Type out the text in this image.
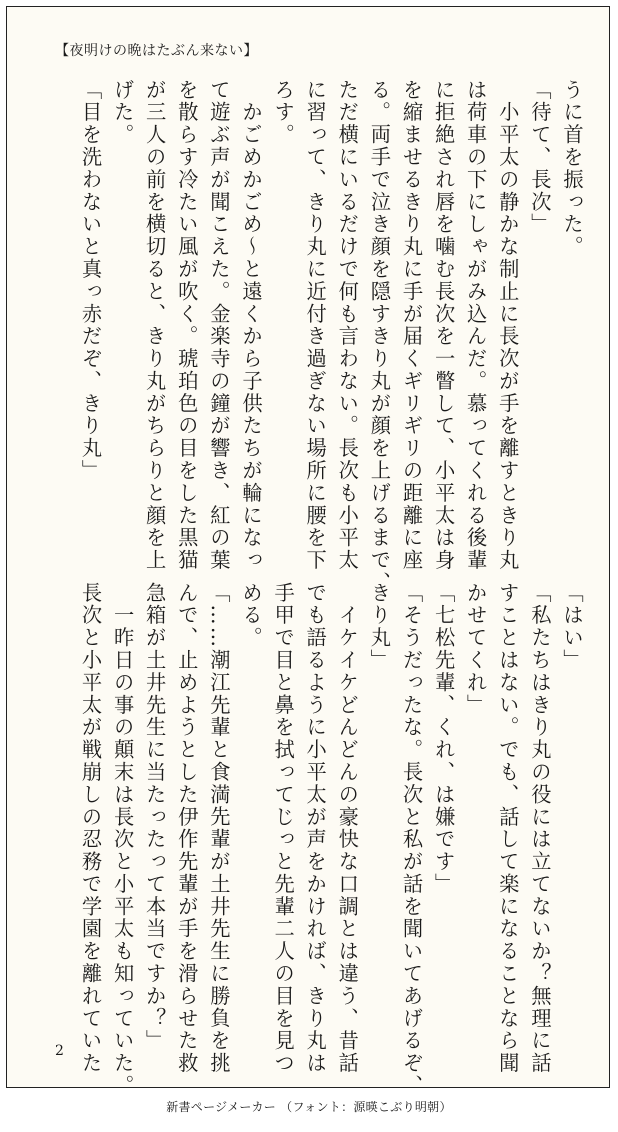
【夜明けの晩はたぶん来ない】
うに首を振った。
「待て、長次」
　小平太の静かな制止に長次が手を離すときり丸
は荷車の下にしゃがみ込んだ。慕ってくれる後輩
に拒絶され唇を噛む長次を一瞥して、小平太は身
を縮ませるきり丸に手が届くギリギリの距離に座
る。両手で泣き顔を隠すきり丸が顔を上げるまで、
ただ横にいるだけで何も言わない。長次も小平太
に習って、きり丸に近付き過ぎない場所に腰を下
ろす。
　かごめかごめ～と遠くから子供たちが輪になっ
て遊ぶ声が聞こえた。金楽寺の鐘が響き、紅の葉
を散らす冷たい風が吹く。琥珀色の目をした黒猫
が三人の前を横切ると、きり丸がちらりと顔を上
げた。
「目を洗わないと真っ赤だぞ、きり丸」
「はい」
「私たちはきり丸の役には立てないか？無理に話
すことはない。でも、話して楽になることなら聞
かせてくれ」
「七松先輩、くれ、は嫌です」
「そうだったな。長次と私が話を聞いてあげるぞ、
きり丸」
　イケイケどんどんの豪快な口調とは違う、昔話
でも語るように小平太が声をかければ、きり丸は
手甲で目と鼻を拭ってじっと先輩二人の目を見つ
める。
「……潮江先輩と食満先輩が土井先生に勝負を挑
んで、止めようとした伊作先輩が手を滑らせた救
急箱が土井先生に当たったって本当ですか？」
　一昨日の事の顛末は長次と小平太も知っていた。
長次と小平太が戦崩しの忍務で学園を離れていた
2
新書ページメーカー （フォント：源暎こぶり明朝）
